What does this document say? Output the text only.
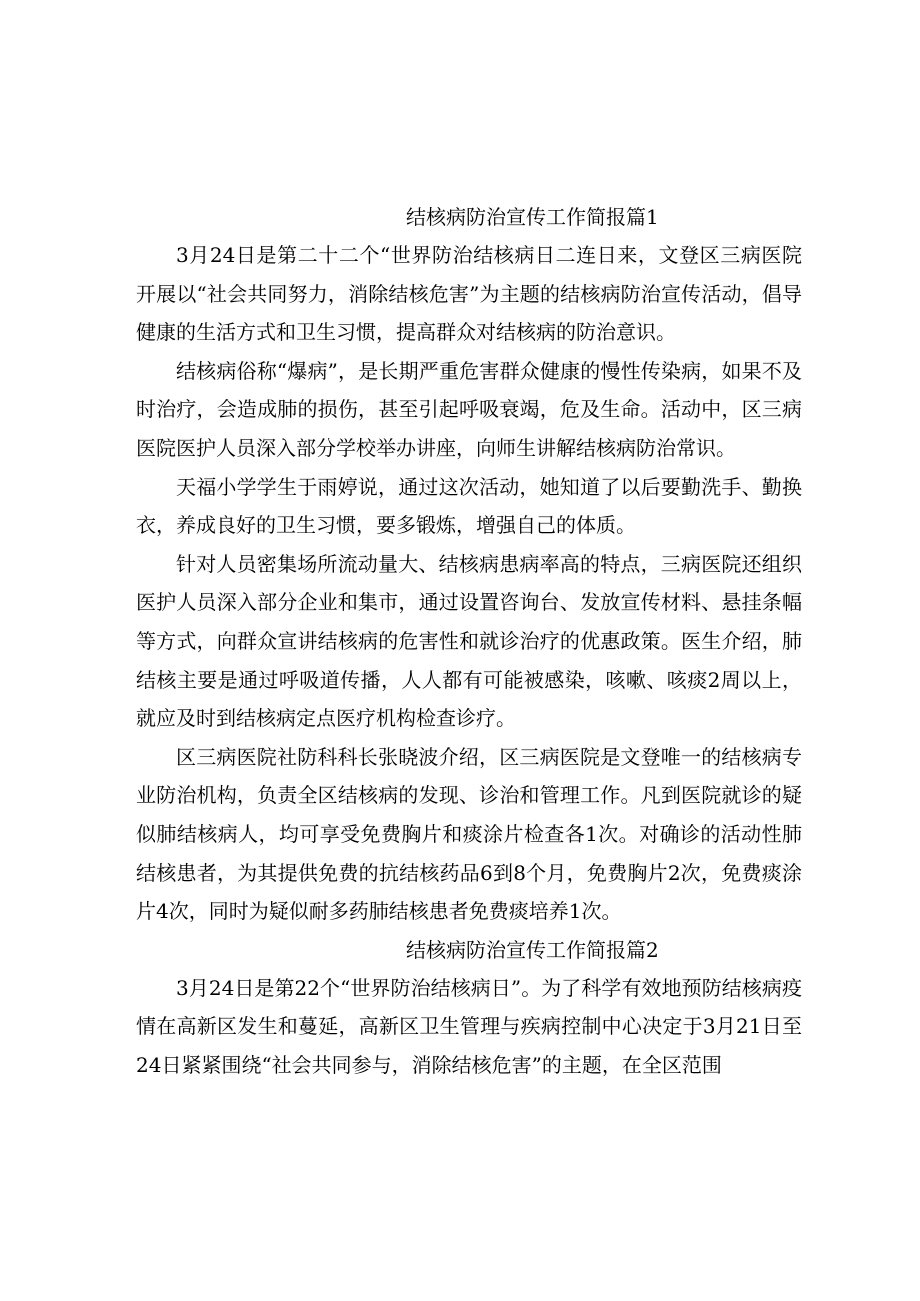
结核病防治宣传工作简报篇1

3月24日是第二十二个“世界防治结核病日二连日来，文登区三病医院开展以“社会共同努力，消除结核危害”为主题的结核病防治宣传活动，倡导健康的生活方式和卫生习惯，提高群众对结核病的防治意识。

结核病俗称“爆病”，是长期严重危害群众健康的慢性传染病，如果不及时治疗，会造成肺的损伤，甚至引起呼吸衰竭，危及生命。活动中，区三病医院医护人员深入部分学校举办讲座，向师生讲解结核病防治常识。

天福小学学生于雨婷说，通过这次活动，她知道了以后要勤洗手、勤换衣，养成良好的卫生习惯，要多锻炼，增强自己的体质。

针对人员密集场所流动量大、结核病患病率高的特点，三病医院还组织医护人员深入部分企业和集市，通过设置咨询台、发放宣传材料、悬挂条幅等方式，向群众宣讲结核病的危害性和就诊治疗的优惠政策。医生介绍，肺结核主要是通过呼吸道传播，人人都有可能被感染，咳嗽、咳痰2周以上，就应及时到结核病定点医疗机构检查诊疗。

区三病医院社防科科长张晓波介绍，区三病医院是文登唯一的结核病专业防治机构，负责全区结核病的发现、诊治和管理工作。凡到医院就诊的疑似肺结核病人，均可享受免费胸片和痰涂片检查各1次。对确诊的活动性肺结核患者，为其提供免费的抗结核药品6到8个月，免费胸片2次，免费痰涂片4次，同时为疑似耐多药肺结核患者免费痰培养1次。

结核病防治宣传工作简报篇2

3月24日是第22个“世界防治结核病日”。为了科学有效地预防结核病疫情在高新区发生和蔓延，高新区卫生管理与疾病控制中心决定于3月21日至24日紧紧围绕“社会共同参与，消除结核危害”的主题，在全区范围
